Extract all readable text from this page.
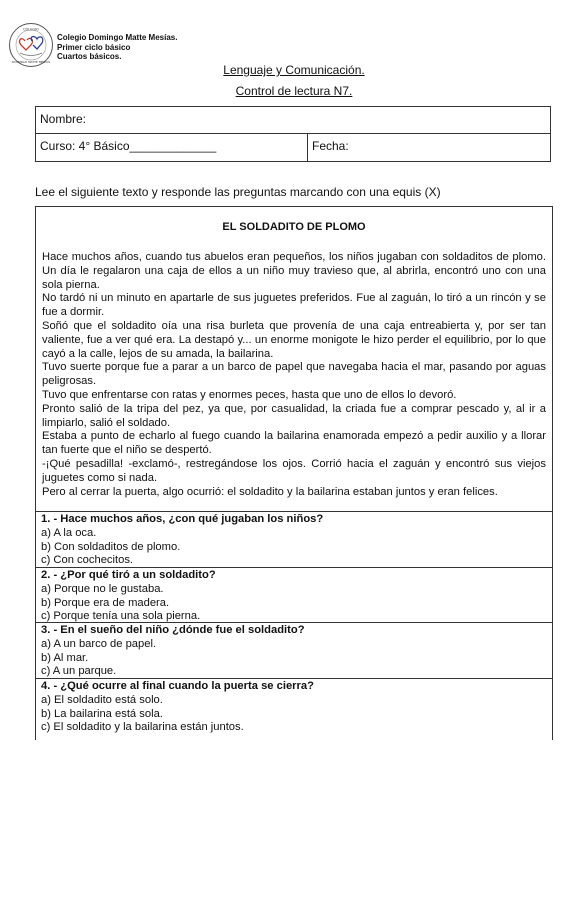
COLEGIO
DOMINGO MATTE MESÍAS
Colegio Domingo Matte Mesías.
Primer ciclo básico
Cuartos básicos.
Lenguaje y Comunicación.
Control de lectura N7.
Nombre:
Curso: 4° Básico_____________	Fecha:
Lee el siguiente texto y responde las preguntas marcando con una equis (X)
EL SOLDADITO DE PLOMO

Hace muchos años, cuando tus abuelos eran pequeños, los niños jugaban con soldaditos de plomo. Un día le regalaron una caja de ellos a un niño muy travieso que, al abrirla, encontró uno con una sola pierna.

No tardó ni un minuto en apartarle de sus juguetes preferidos. Fue al zaguán, lo tiró a un rincón y se fue a dormir.

Soñó que el soldadito oía una risa burleta que provenía de una caja entreabierta y, por ser tan valiente, fue a ver qué era. La destapó y... un enorme monigote le hizo perder el equilibrio, por lo que cayó a la calle, lejos de su amada, la bailarina.

Tuvo suerte porque fue a parar a un barco de papel que navegaba hacia el mar, pasando por aguas peligrosas.

Tuvo que enfrentarse con ratas y enormes peces, hasta que uno de ellos lo devoró.

Pronto salió de la tripa del pez, ya que, por casualidad, la criada fue a comprar pescado y, al ir a limpiarlo, salió el soldado.

Estaba a punto de echarlo al fuego cuando la bailarina enamorada empezó a pedir auxilio y a llorar tan fuerte que el niño se despertó.

-¡Qué pesadilla! -exclamó-, restregándose los ojos. Corrió hacia el zaguán y encontró sus viejos juguetes como si nada.

Pero al cerrar la puerta, algo ocurrió: el soldadito y la bailarina estaban juntos y eran felices.

1. - Hace muchos años, ¿con qué jugaban los niños?
a) A la oca.
b) Con soldaditos de plomo.
c) Con cochecitos.
2. - ¿Por qué tiró a un soldadito?
a) Porque no le gustaba.
b) Porque era de madera.
c) Porque tenía una sola pierna.
3. - En el sueño del niño ¿dónde fue el soldadito?
a) A un barco de papel.
b) Al mar.
c) A un parque.
4. - ¿Qué ocurre al final cuando la puerta se cierra?
a) El soldadito está solo.
b) La bailarina está sola.
c) El soldadito y la bailarina están juntos.
